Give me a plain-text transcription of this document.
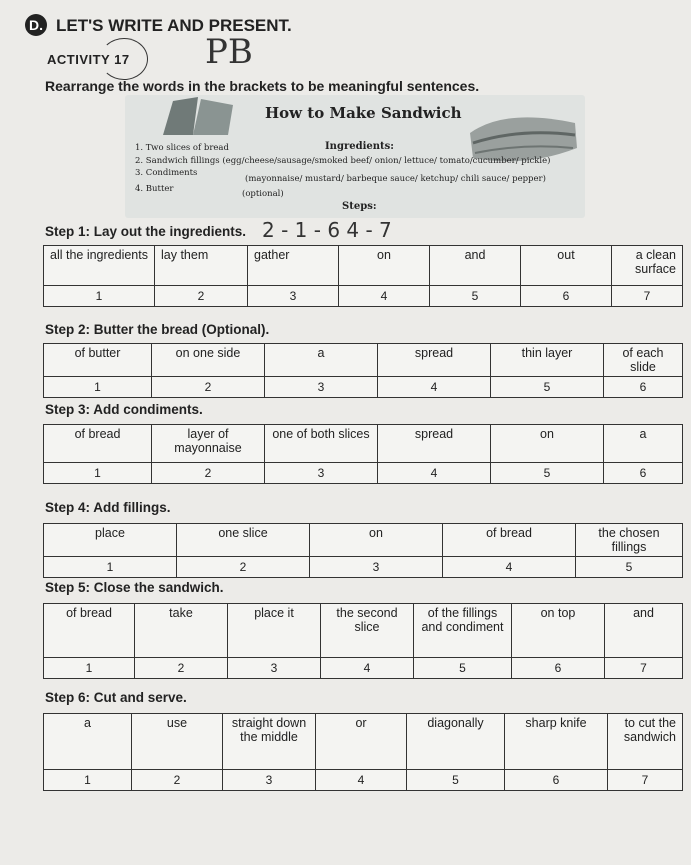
D. LET'S WRITE AND PRESENT.
ACTIVITY 17 PB
Rearrange the words in the brackets to be meaningful sentences.
How to Make Sandwich
Ingredients:
1. Two slices of bread
2. Sandwich fillings (egg/cheese/sausage/smoked beef/ onion/ lettuce/ tomato/cucumber/ pickle)
3. Condiments
(mayonnaise/ mustard/ barbeque sauce/ ketchup/ chili sauce/ pepper)
4. Butter	(optional)
Steps:
Step 1: Lay out the ingredients. 2 - 1 - 6 4 - 7
all the ingredients	lay them	gather	on	and	out	a clean surface
1	2	3	4	5	6	7
Step 2: Butter the bread (Optional).
of butter	on one side	a	spread	thin layer	of each slide
1	2	3	4	5	6
Step 3: Add condiments.
of bread	layer of mayonnaise	one of both slices	spread	on	a
1	2	3	4	5	6
Step 4: Add fillings.
place	one slice	on	of bread	the chosen fillings
1	2	3	4	5
Step 5: Close the sandwich.
of bread	take	place it	the second slice	of the fillings and condiment	on top	and
1	2	3	4	5	6	7
Step 6: Cut and serve.
a	use	straight down the middle	or	diagonally	sharp knife	to cut the sandwich
1	2	3	4	5	6	7
